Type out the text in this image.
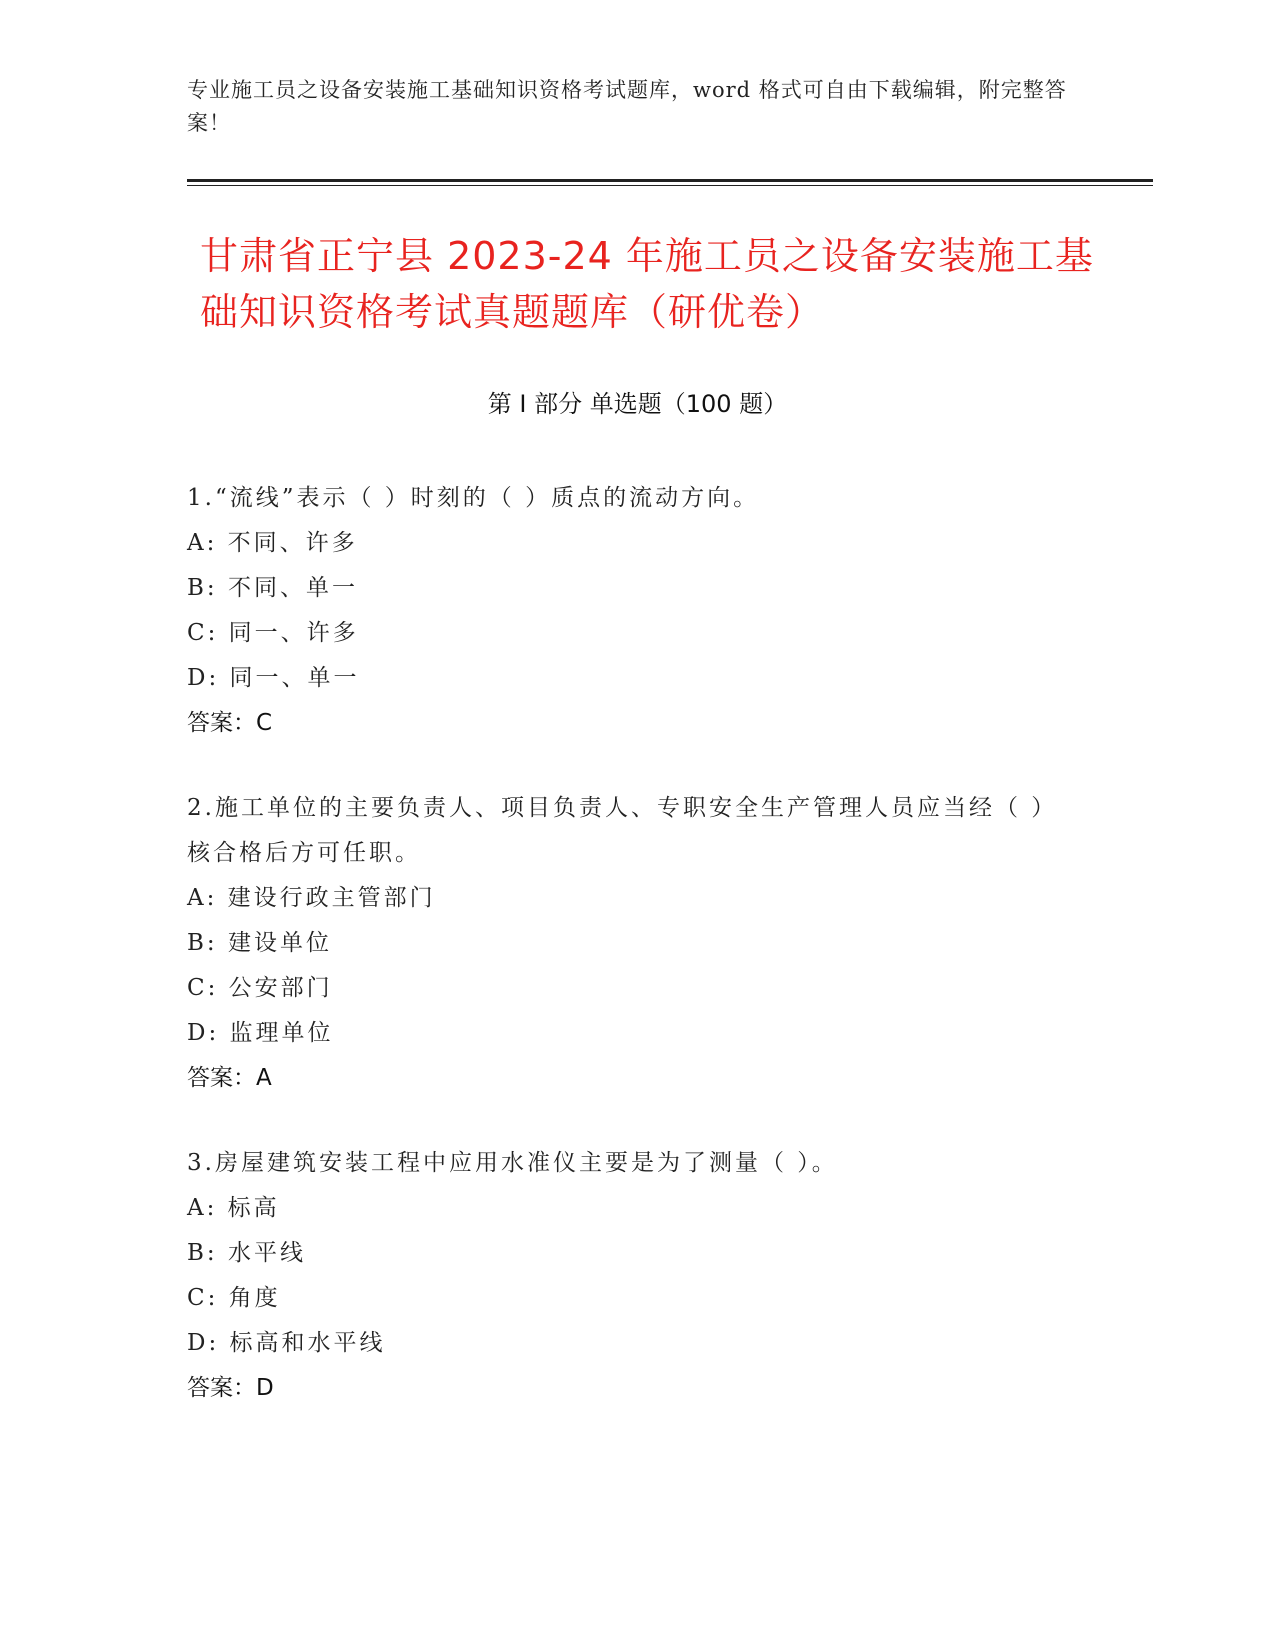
专业施工员之设备安装施工基础知识资格考试题库，word 格式可自由下载编辑，附完整答案！
甘肃省正宁县 2023-24 年施工员之设备安装施工基础知识资格考试真题题库（研优卷）
第 I 部分 单选题（100 题）
1.“流线”表示（ ）时刻的（ ）质点的流动方向。
A: 不同、许多
B: 不同、单一
C: 同一、许多
D: 同一、单一
答案：C
2.施工单位的主要负责人、项目负责人、专职安全生产管理人员应当经（ ）核合格后方可任职。
A: 建设行政主管部门
B: 建设单位
C: 公安部门
D: 监理单位
答案：A
3.房屋建筑安装工程中应用水准仪主要是为了测量（ ）。
A: 标高
B: 水平线
C: 角度
D: 标高和水平线
答案：D
